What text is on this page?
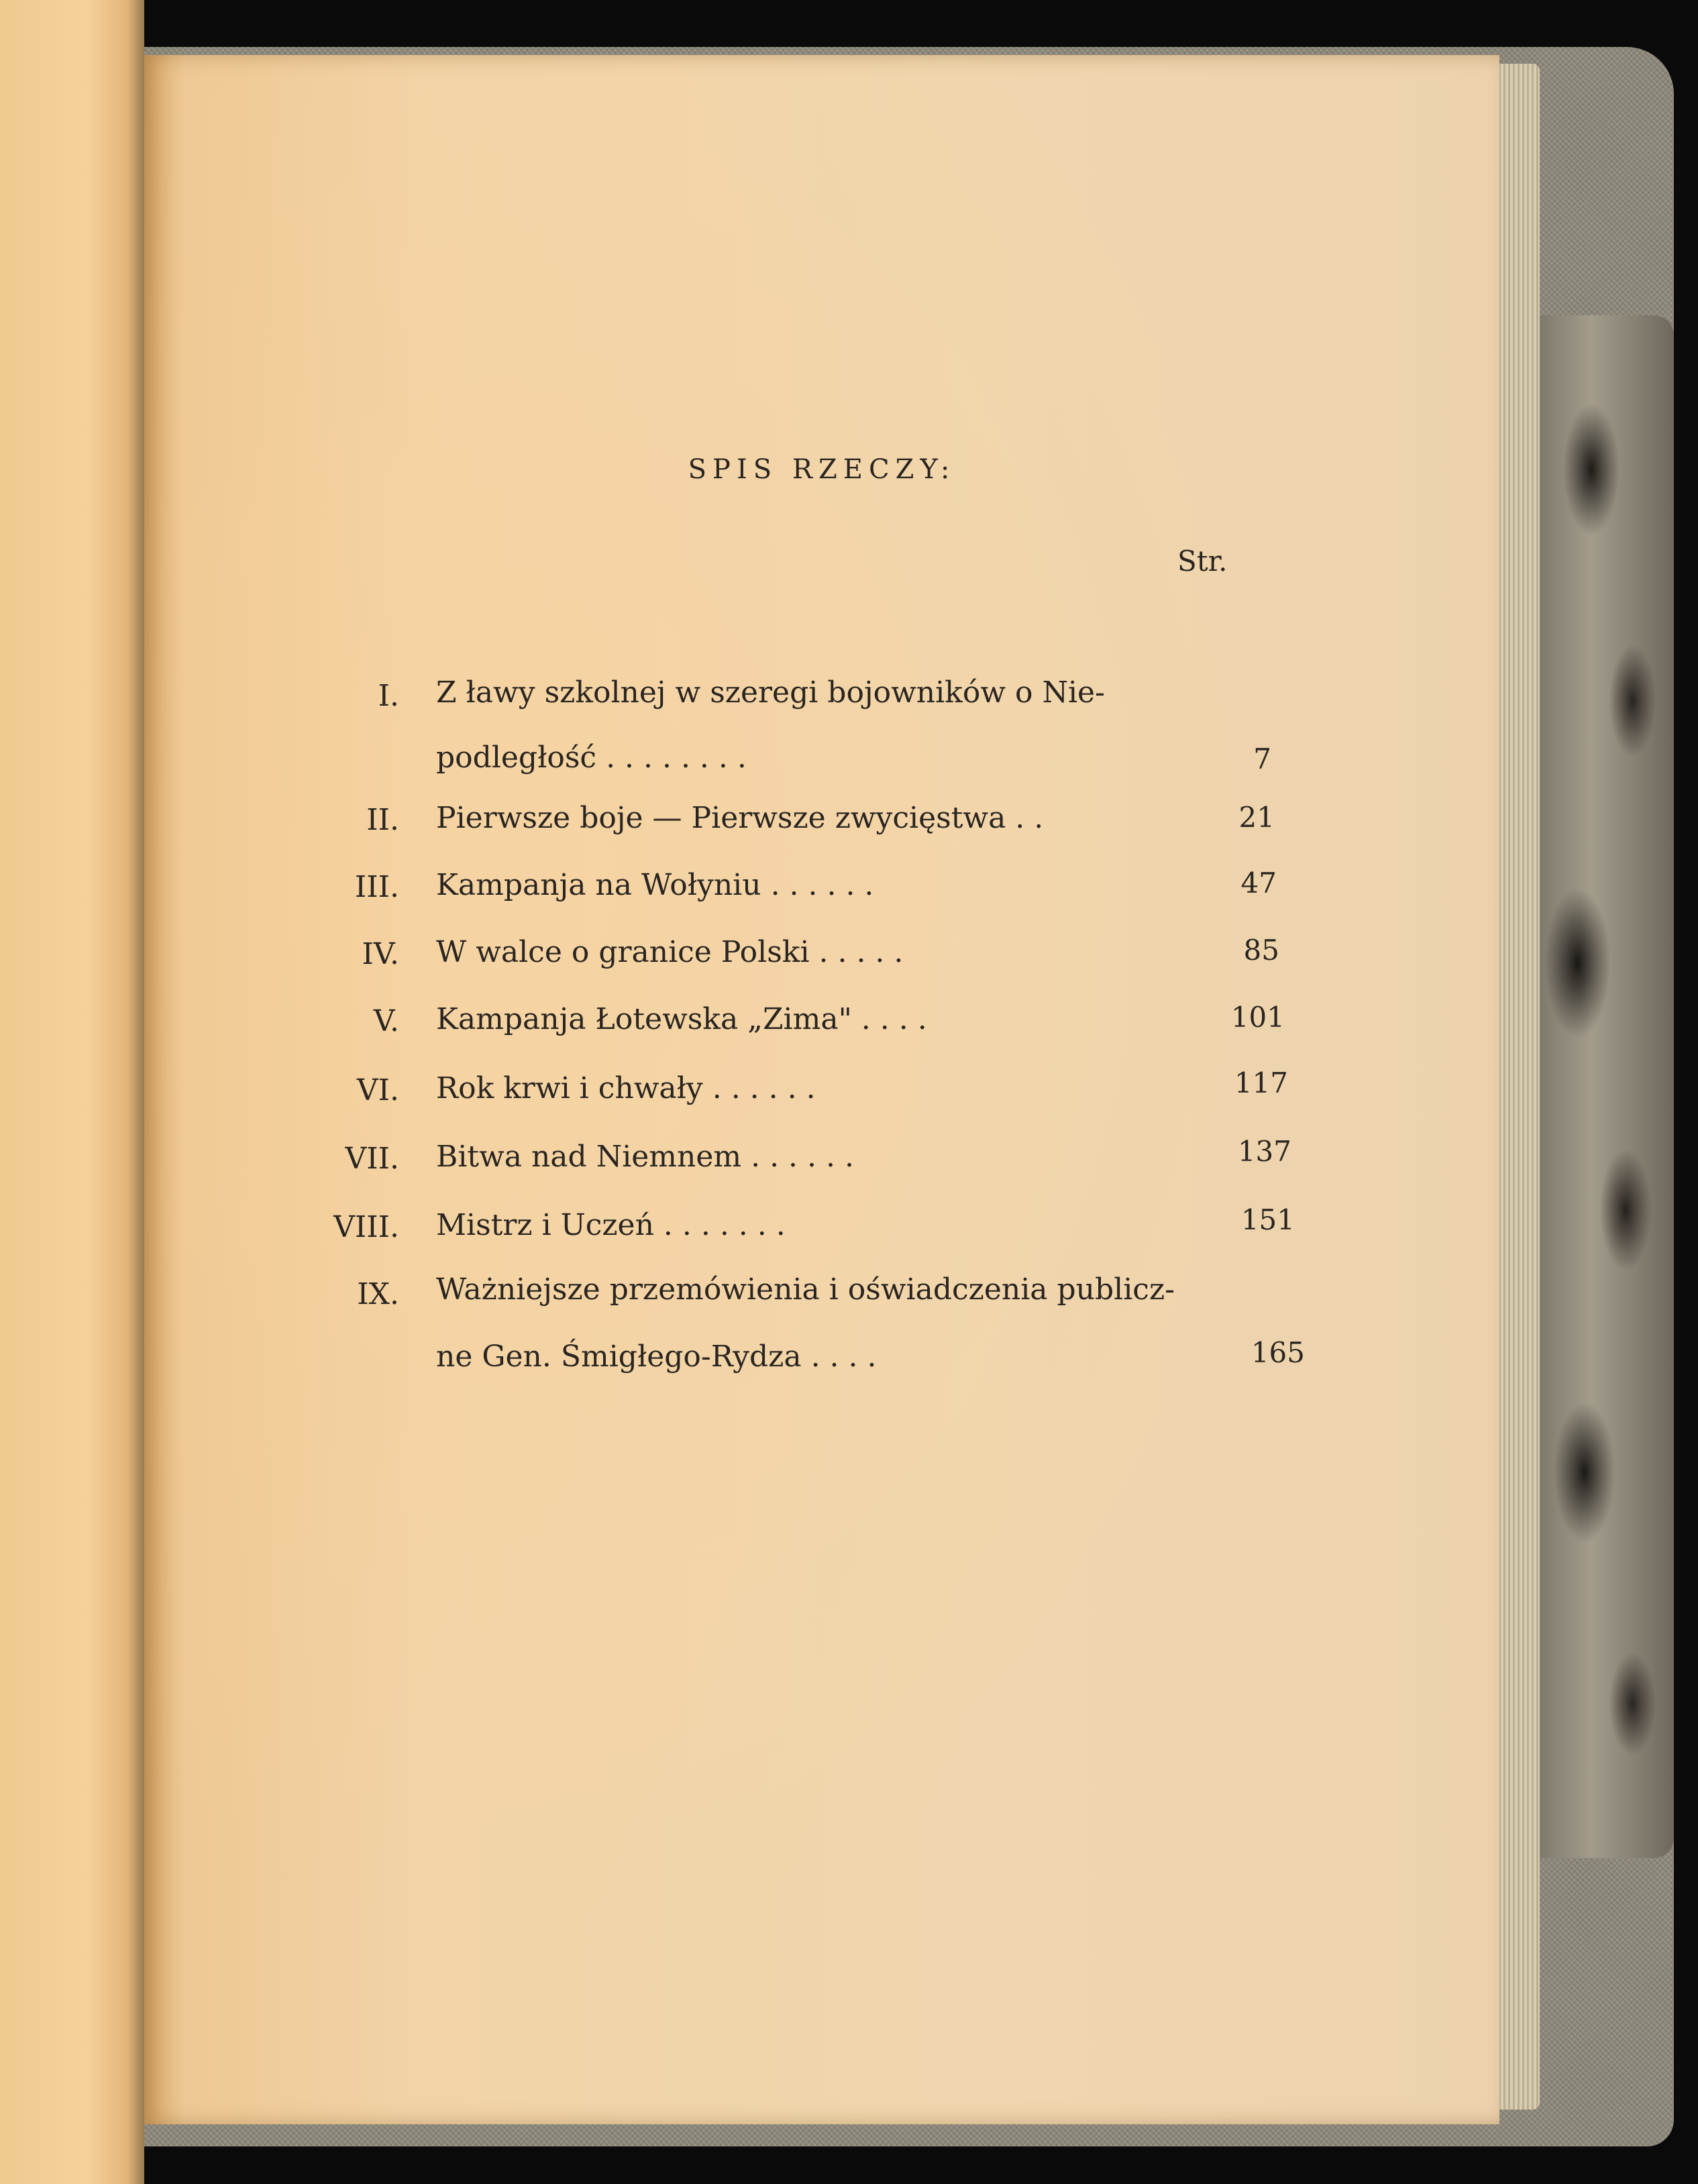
SPIS RZECZY:
Str.
I. Z ławy szkolnej w szeregi bojowników o Nie-
podległość . . . . . . . .	7
II. Pierwsze boje — Pierwsze zwycięstwa . .	21
III. Kampanja na Wołyniu . . . . . .	47
IV. W walce o granice Polski . . . . .	85
V. Kampanja Łotewska „Zima" . . . .	101
VI. Rok krwi i chwały . . . . . .	117
VII. Bitwa nad Niemnem . . . . . .	137
VIII. Mistrz i Uczeń . . . . . . .	151
IX. Ważniejsze przemówienia i oświadczenia publicz-
ne Gen. Śmigłego-Rydza . . . .	165
